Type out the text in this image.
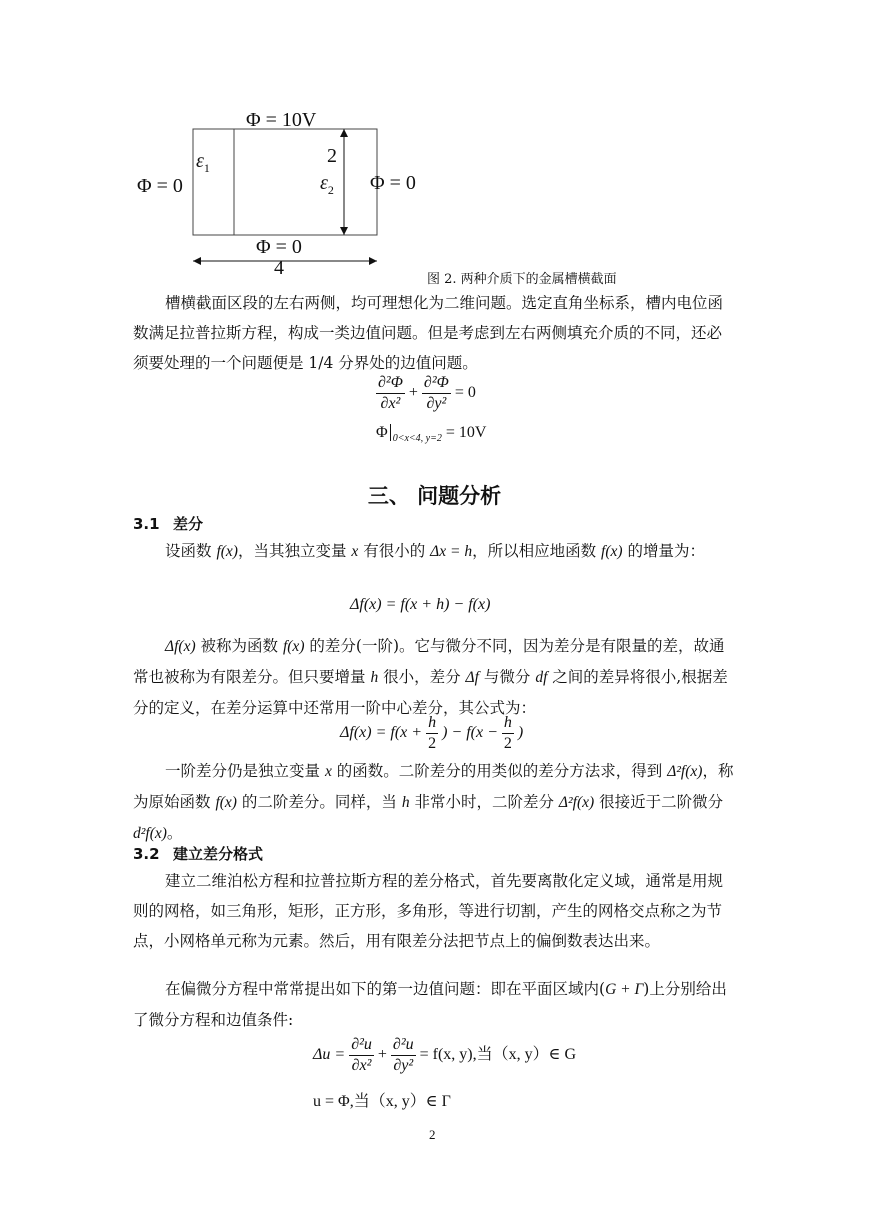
Φ = 10V
Φ = 0	Φ = 0
Φ = 0
$\varepsilon_1$
$\varepsilon_2$
2
4
图 2. 两种介质下的金属槽横截面
槽横截面区段的左右两侧，均可理想化为二维问题。选定直角坐标系，槽内电位函数满足拉普拉斯方程，构成一类边值问题。但是考虑到左右两侧填充介质的不同，还必须要处理的一个问题便是 1/4 分界处的边值问题。
$\frac{\text{∂²Φ}}{\text{∂x²}} + \frac{\text{∂²Φ}}{\text{∂y²}} = 0$
Φ $_{0<x<4, y=2}$ = 10V
三、 问题分析
3.1 差分
设函数 f(x)，当其独立变量 x 有很小的 Δx = h，所以相应地函数 f(x) 的增量为：
Δf(x) = f(x + h) − f(x)
Δf(x) 被称为函数 f(x) 的差分(一阶)。它与微分不同，因为差分是有限量的差，故通常也被称为有限差分。但只要增量 h 很小，差分 Δf 与微分 df 之间的差异将很小,根据差分的定义，在差分运算中还常用一阶中心差分，其公式为：
$\Delta f(x) = f(x + \frac{h}{2}$ ) − $f(x - \frac{h}{2}$ )
一阶差分仍是独立变量 x 的函数。二阶差分的用类似的差分方法求，得到 Δ²f(x)，称为原始函数 f(x) 的二阶差分。同样，当 h 非常小时，二阶差分 Δ²f(x) 很接近于二阶微分 d²f(x)。
3.2 建立差分格式
建立二维泊松方程和拉普拉斯方程的差分格式，首先要离散化定义域，通常是用规则的网格，如三角形，矩形，正方形，多角形，等进行切割，产生的网格交点称之为节点，小网格单元称为元素。然后，用有限差分法把节点上的偏倒数表达出来。
在偏微分方程中常常提出如下的第一边值问题：即在平面区域内(G + Γ)上分别给出了微分方程和边值条件:
$\Delta u = \frac{\text{∂²u}}{\text{∂x²}} + \frac{\text{∂²u}}{\text{∂y²}} = f(x$, y),当（x, y）∈ G
u = Φ,当（x, y）∈ Γ
2
